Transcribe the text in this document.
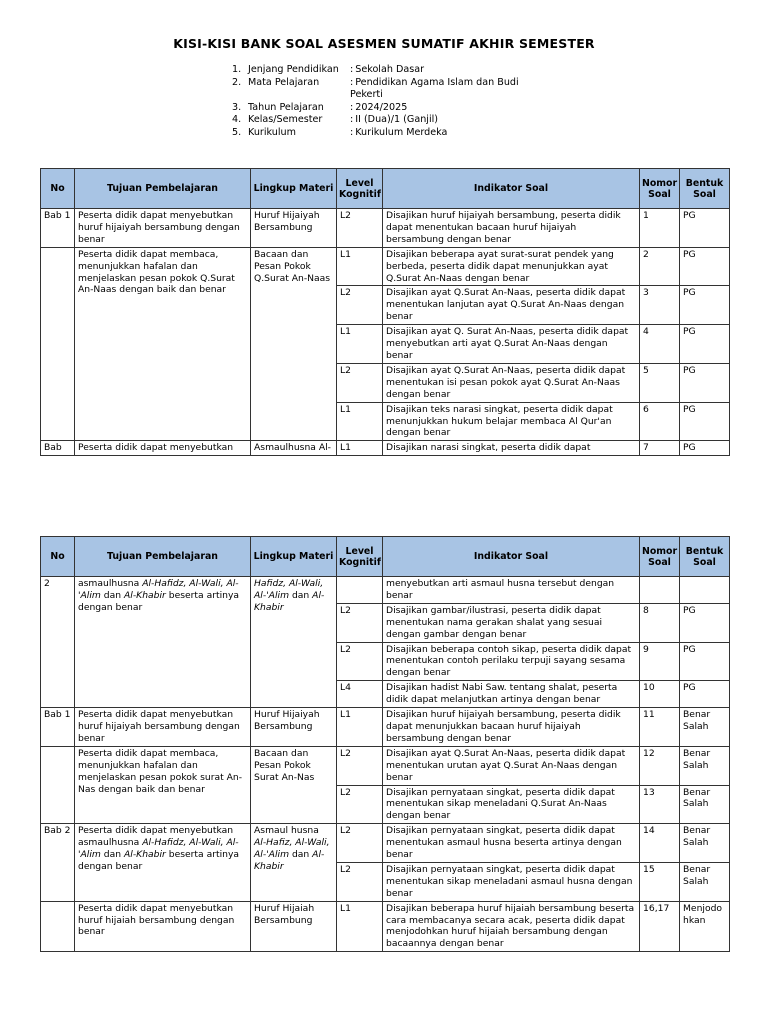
KISI-KISI BANK SOAL ASESMEN SUMATIF AKHIR SEMESTER
1. Jenjang Pendidikan	: Sekolah Dasar
2. Mata Pelajaran	: Pendidikan Agama Islam dan Budi Pekerti
3. Tahun Pelajaran	: 2024/2025
4. Kelas/Semester	: II (Dua)/1 (Ganjil)
5. Kurikulum	: Kurikulum Merdeka
No	Tujuan Pembelajaran	Lingkup Materi	Level Kognitif	Indikator Soal	Nomor Soal	Bentuk Soal
Bab 1	Peserta didik dapat menyebutkan huruf hijaiyah bersambung dengan benar	Huruf Hijaiyah Bersambung	L2	Disajikan huruf hijaiyah bersambung, peserta didik dapat menentukan bacaan huruf hijaiyah bersambung dengan benar	1	PG
	Peserta didik dapat membaca, menunjukkan hafalan dan menjelaskan pesan pokok Q.Surat An-Naas dengan baik dan benar	Bacaan dan Pesan Pokok Q.Surat An-Naas	L1	Disajikan beberapa ayat surat-surat pendek yang berbeda, peserta didik dapat menunjukkan ayat Q.Surat An-Naas dengan benar	2	PG
			L2	Disajikan ayat Q.Surat An-Naas, peserta didik dapat menentukan lanjutan ayat Q.Surat An-Naas dengan benar	3	PG
			L1	Disajikan ayat Q. Surat An-Naas, peserta didik dapat menyebutkan arti ayat Q.Surat An-Naas dengan benar	4	PG
			L2	Disajikan ayat Q.Surat An-Naas, peserta didik dapat menentukan isi pesan pokok ayat Q.Surat An-Naas dengan benar	5	PG
			L1	Disajikan teks narasi singkat, peserta didik dapat menunjukkan hukum belajar membaca Al Qur'an dengan benar	6	PG
Bab	Peserta didik dapat menyebutkan	Asmaulhusna Al-	L1	Disajikan narasi singkat, peserta didik dapat	7	PG
No	Tujuan Pembelajaran	Lingkup Materi	Level Kognitif	Indikator Soal	Nomor Soal	Bentuk Soal
2	asmaulhusna Al-Hafidz, Al-Wali, Al-'Alim dan Al-Khabir beserta artinya dengan benar	Hafidz, Al-Wali, Al-'Alim dan Al-Khabir		menyebutkan arti asmaul husna tersebut dengan benar		
			L2	Disajikan gambar/ilustrasi, peserta didik dapat menentukan nama gerakan shalat yang sesuai dengan gambar dengan benar	8	PG
			L2	Disajikan beberapa contoh sikap, peserta didik dapat menentukan contoh perilaku terpuji sayang sesama dengan benar	9	PG
			L4	Disajikan hadist Nabi Saw. tentang shalat, peserta didik dapat melanjutkan artinya dengan benar	10	PG
Bab 1	Peserta didik dapat menyebutkan huruf hijaiyah bersambung dengan benar	Huruf Hijaiyah Bersambung	L1	Disajikan huruf hijaiyah bersambung, peserta didik dapat menunjukkan bacaan huruf hijaiyah bersambung dengan benar	11	Benar Salah
	Peserta didik dapat membaca, menunjukkan hafalan dan menjelaskan pesan pokok surat An-Nas dengan baik dan benar	Bacaan dan Pesan Pokok Surat An-Nas	L2	Disajikan ayat Q.Surat An-Naas, peserta didik dapat menentukan urutan ayat Q.Surat An-Naas dengan benar	12	Benar Salah
			L2	Disajikan pernyataan singkat, peserta didik dapat menentukan sikap meneladani Q.Surat An-Naas dengan benar	13	Benar Salah
Bab 2	Peserta didik dapat menyebutkan asmaulhusna Al-Hafidz, Al-Wali, Al-'Alim dan Al-Khabir beserta artinya dengan benar	Asmaul husna Al-Hafiz, Al-Wali, Al-'Alim dan Al-Khabir	L2	Disajikan pernyataan singkat, peserta didik dapat menentukan asmaul husna beserta artinya dengan benar	14	Benar Salah
			L2	Disajikan pernyataan singkat, peserta didik dapat menentukan sikap meneladani asmaul husna dengan benar	15	Benar Salah
	Peserta didik dapat menyebutkan huruf hijaiah bersambung dengan benar	Huruf Hijaiah Bersambung	L1	Disajikan beberapa huruf hijaiah bersambung beserta cara membacanya secara acak, peserta didik dapat menjodohkan huruf hijaiah bersambung dengan bacaannya dengan benar	16,17	Menjodohkan
